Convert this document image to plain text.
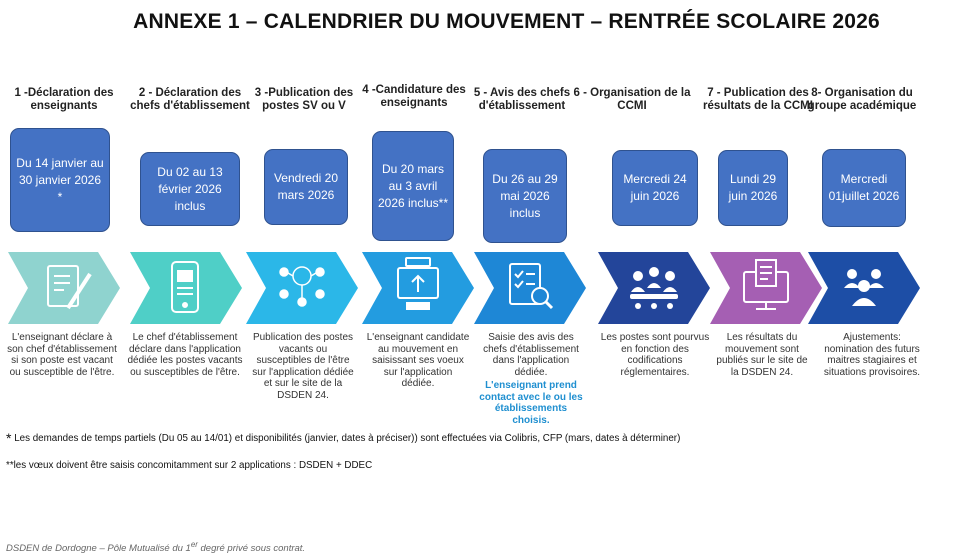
ANNEXE 1 – CALENDRIER DU MOUVEMENT – RENTRÉE SCOLAIRE 2026
1 -Déclaration des enseignants
2 - Déclaration des chefs d'établissement
3 -Publication des postes SV ou V
4 -Candidature des enseignants
5 - Avis des chefs d'établissement
6 - Organisation de la CCMI
7 - Publication des résultats de la CCMI
8- Organisation du groupe académique
Du 14 janvier au 30 janvier 2026 *
Du 02 au 13 février 2026 inclus
Vendredi 20 mars 2026
Du 20 mars au 3 avril 2026 inclus**
Du 26 au 29 mai 2026 inclus
Mercredi 24 juin 2026
Lundi 29 juin 2026
Mercredi 01juillet 2026
L'enseignant déclare à son chef d'établissement si son poste est vacant ou susceptible de l'être.
Le chef d'établissement déclare dans l'application dédiée les postes vacants ou susceptibles de l'être.
Publication des postes vacants ou susceptibles de l'être sur l'application dédiée et sur le site de la DSDEN 24.
L'enseignant candidate au mouvement en saisissant ses voeux sur l'application dédiée.
Saisie des avis des chefs d'établissement dans l'application dédiée.
L'enseignant prend contact avec le ou les établissements choisis.
Les postes sont pourvus en fonction des codifications réglementaires.
Les résultats du mouvement sont publiés sur le site de la DSDEN 24.
Ajustements: nomination des futurs maitres stagiaires et situations provisoires.
* Les demandes de temps partiels (Du 05 au 14/01) et disponibilités (janvier, dates à préciser)) sont effectuées via Colibris, CFP (mars, dates à déterminer)
**les vœux doivent être saisis concomitamment sur 2 applications : DSDEN + DDEC
DSDEN de Dordogne – Pôle Mutualisé du 1er degré privé sous contrat.
